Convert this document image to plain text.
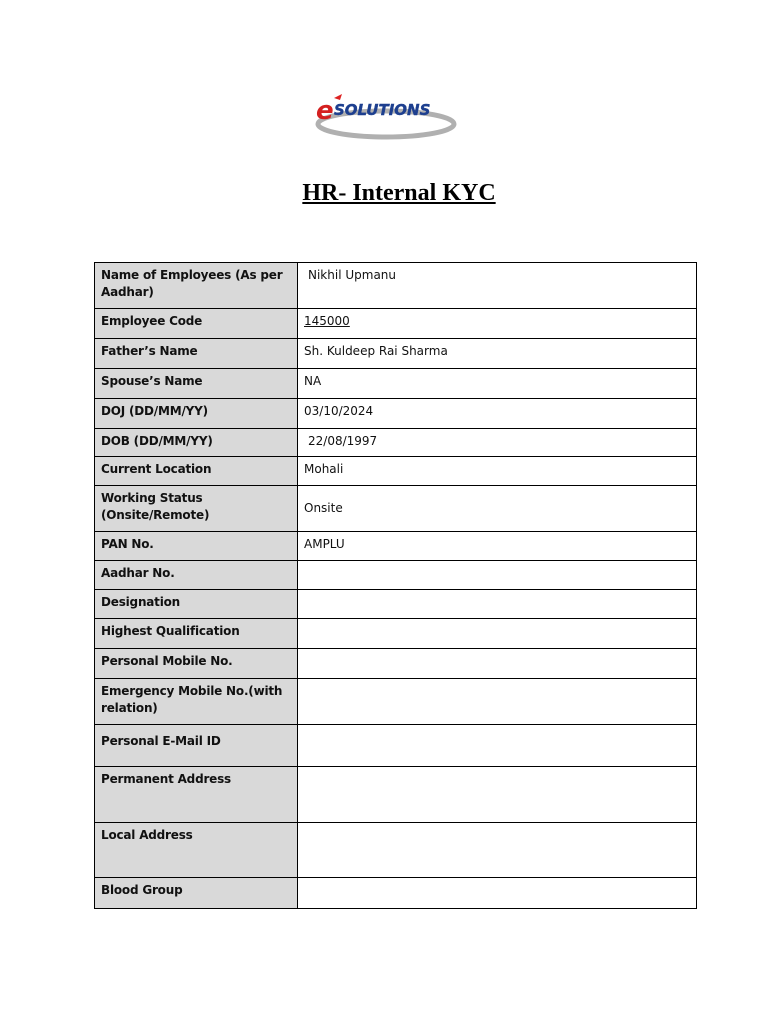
e SOLUTIONS
HR- Internal KYC
Name of Employees (As per Aadhar)	Nikhil Upmanu
Employee Code	145000
Father’s Name	Sh. Kuldeep Rai Sharma
Spouse’s Name	NA
DOJ (DD/MM/YY)	03/10/2024
DOB (DD/MM/YY)	22/08/1997
Current Location	Mohali
Working Status (Onsite/Remote)	Onsite
PAN No.	AMPLU
Aadhar No.	
Designation	
Highest Qualification	
Personal Mobile No.	
Emergency Mobile No.(with relation)	
Personal E-Mail ID	
Permanent Address	
Local Address	
Blood Group	
